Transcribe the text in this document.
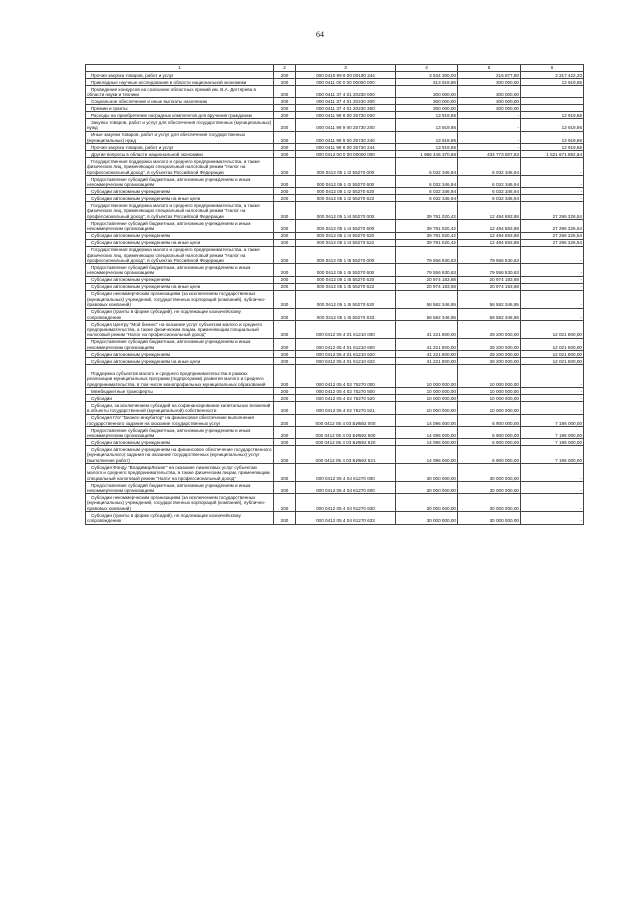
64
1	2	3	4	5	6

Прочая закупка товаров, работ и услуг	200	000 0410 99 9 00 00190 244	3 534 300,00	216 877,80	3 317 422,20

Прикладные научные исследования в области национальной экономики	200	000 0411 00 0 00 00000 000	313 919,86	300 000,00	13 919,86

Проведение конкурсов на соискание областных премий им. В.А. Дегтярева в области науки и техники	200	000 0411 37 4 01 20230 000	300 000,00	300 000,00	

Социальное обеспечение и иные выплаты населению	200	000 0411 37 4 01 20230 300	300 000,00	300 000,00	

Премии и гранты	200	000 0411 37 4 01 20230 350	300 000,00	300 000,00	

Расходы на приобретение наградных комплектов для вручения гражданам	200	000 0411 99 9 00 25730 000	13 919,86	-	13 919,86

Закупка товаров, работ и услуг для обеспечения государственных (муниципальных) нужд	200	000 0411 99 9 00 25730 200	13 919,86	-	13 919,86

Иные закупки товаров, работ и услуг для обеспечения государственных (муниципальных) нужд	200	000 0411 99 9 00 25730 240	13 919,86	-	13 919,86

Прочая закупка товаров, работ и услуг	200	000 0411 99 9 00 25730 244	13 919,86	-	13 919,86

Другие вопросы в области национальной экономики	200	000 0412 00 0 00 00000 000	1 956 445 370,66	434 773 507,82	1 521 671 862,84

Государственная поддержка малого и среднего предпринимательства, а также физических лиц, применяющих специальный налоговый режим "Налог на профессиональный доход", в субъектах Российской Федерации	200	000 0412 05 1 I2 55270 000	6 032 346,94	6 032 346,94	-

Предоставление субсидий бюджетным, автономным учреждениям и иным некоммерческим организациям	200	000 0412 05 1 I2 55270 600	6 032 346,94	6 032 346,94	-

Субсидии автономным учреждениям	200	000 0412 05 1 I2 55270 620	6 032 346,94	6 032 346,94	-

Субсидии автономным учреждениям на иные цели	200	000 0412 05 1 I2 55270 622	6 032 346,94	6 032 346,94	-

Государственная поддержка малого и среднего предпринимательства, а также физических лиц, применяющих специальный налоговый режим "Налог на профессиональный доход", в субъектах Российской Федерации	200	000 0412 05 1 I4 55270 000	39 791 020,42	12 494 693,88	27 296 326,54

Предоставление субсидий бюджетным, автономным учреждениям и иным некоммерческим организациям	200	000 0412 05 1 I4 55270 600	39 791 020,42	12 494 693,88	27 296 326,54

Субсидии автономным учреждениям	200	000 0412 05 1 I4 55270 620	39 791 020,42	12 494 693,88	27 296 326,54

Субсидии автономным учреждениям на иные цели	200	000 0412 05 1 I4 55270 622	39 791 020,42	12 494 693,88	27 296 326,54

Государственная поддержка малого и среднего предпринимательства, а также физических лиц, применяющих специальный налоговый режим "Налог на профессиональный доход", в субъектах Российской Федерации	200	000 0412 05 1 I5 55270 000	79 556 530,63	79 556 530,63	-

Предоставление субсидий бюджетным, автономным учреждениям и иным некоммерческим организациям	200	000 0412 05 1 I5 55270 600	79 556 530,63	79 556 530,63	-

Субсидии автономным учреждениям	200	000 0412 05 1 I5 55270 620	20 974 183,68	20 974 183,68	-

Субсидии автономным учреждениям на иные цели	200	000 0412 05 1 I5 55270 622	20 974 183,68	20 974 183,68	-

Субсидии некоммерческим организациям (за исключением государственных (муниципальных) учреждений, государственных корпораций (компаний), публично-правовых компаний)	200	000 0412 05 1 I5 55270 630	58 582 346,95	58 582 346,95	-

Субсидии (гранты в форме субсидий), не подлежащие казначейскому сопровождению	200	000 0412 05 1 I5 55270 633	58 582 346,95	58 582 346,95	-

Субсидия Центру "Мой бизнес" на оказание услуг субъектам малого и среднего предпринимательства, а также физическим лицам, применяющим специальный налоговый режим "Налог на профессиональный доход"	200	000 0412 05 4 01 61210 000	41 221 800,00	29 200 000,00	12 021 800,00

Предоставление субсидий бюджетным, автономным учреждениям и иным некоммерческим организациям	200	000 0412 05 4 01 61210 600	41 221 800,00	29 200 000,00	12 021 800,00

Субсидии автономным учреждениям	200	000 0412 05 4 01 61210 620	41 221 800,00	29 200 000,00	12 021 800,00

Субсидии автономным учреждениям на иные цели	200	000 0412 05 4 01 61210 622	41 221 800,00	29 200 000,00	12 021 800,00

Поддержка субъектов малого и среднего предпринимательства в рамках реализации муниципальных программ (подпрограмм) развития малого и среднего предпринимательства, в том числе монопрофильных муниципальных образований	200	000 0412 05 4 02 75270 000	10 000 000,00	10 000 000,00	-

Межбюджетные трансферты	200	000 0412 05 4 02 75270 500	10 000 000,00	10 000 000,00	-

Субсидии	200	000 0412 05 4 02 75270 520	10 000 000,00	10 000 000,00	-

Субсидии, за исключением субсидий на софинансирование капитальных вложений в объекты государственной (муниципальной) собственности	200	000 0412 05 4 02 75270 521	10 000 000,00	10 000 000,00	-

Субсидия ГАУ "Бизнес-инкубатор" на финансовое обеспечение выполнения государственного задания на оказание государственных услуг	200	000 0412 05 4 03 БИ592 000	14 096 000,00	6 900 000,00	7 196 000,00

Предоставление субсидий бюджетным, автономным учреждениям и иным некоммерческим организациям	200	000 0412 05 4 03 БИ592 600	14 096 000,00	6 900 000,00	7 196 000,00

Субсидии автономным учреждениям	200	000 0412 05 4 03 БИ592 620	14 096 000,00	6 900 000,00	7 196 000,00

Субсидии автономным учреждениям на финансовое обеспечение государственного (муниципального) задания на оказание государственных (муниципальных) услуг (выполнение работ)	200	000 0412 05 4 03 БИ592 621	14 096 000,00	6 900 000,00	7 196 000,00

Субсидия Фонду "ВладимирЛизинг" на оказание лизинговых услуг субъектам малого и среднего предпринимательства, а также физическим лицам, применяющим специальный налоговый режим "Налог на профессиональный доход"	200	000 0412 05 4 04 61270 000	30 000 000,00	30 000 000,00	-

Предоставление субсидий бюджетным, автономным учреждениям и иным некоммерческим организациям	200	000 0412 05 4 04 61270 600	30 000 000,00	30 000 000,00	-

Субсидии некоммерческим организациям (за исключением государственных (муниципальных) учреждений, государственных корпораций (компаний), публично-правовых компаний)	200	000 0412 05 4 04 61270 630	30 000 000,00	30 000 000,00	-

Субсидии (гранты в форме субсидий), не подлежащие казначейскому сопровождению	200	000 0412 05 4 04 61270 633	30 000 000,00	30 000 000,00	-
